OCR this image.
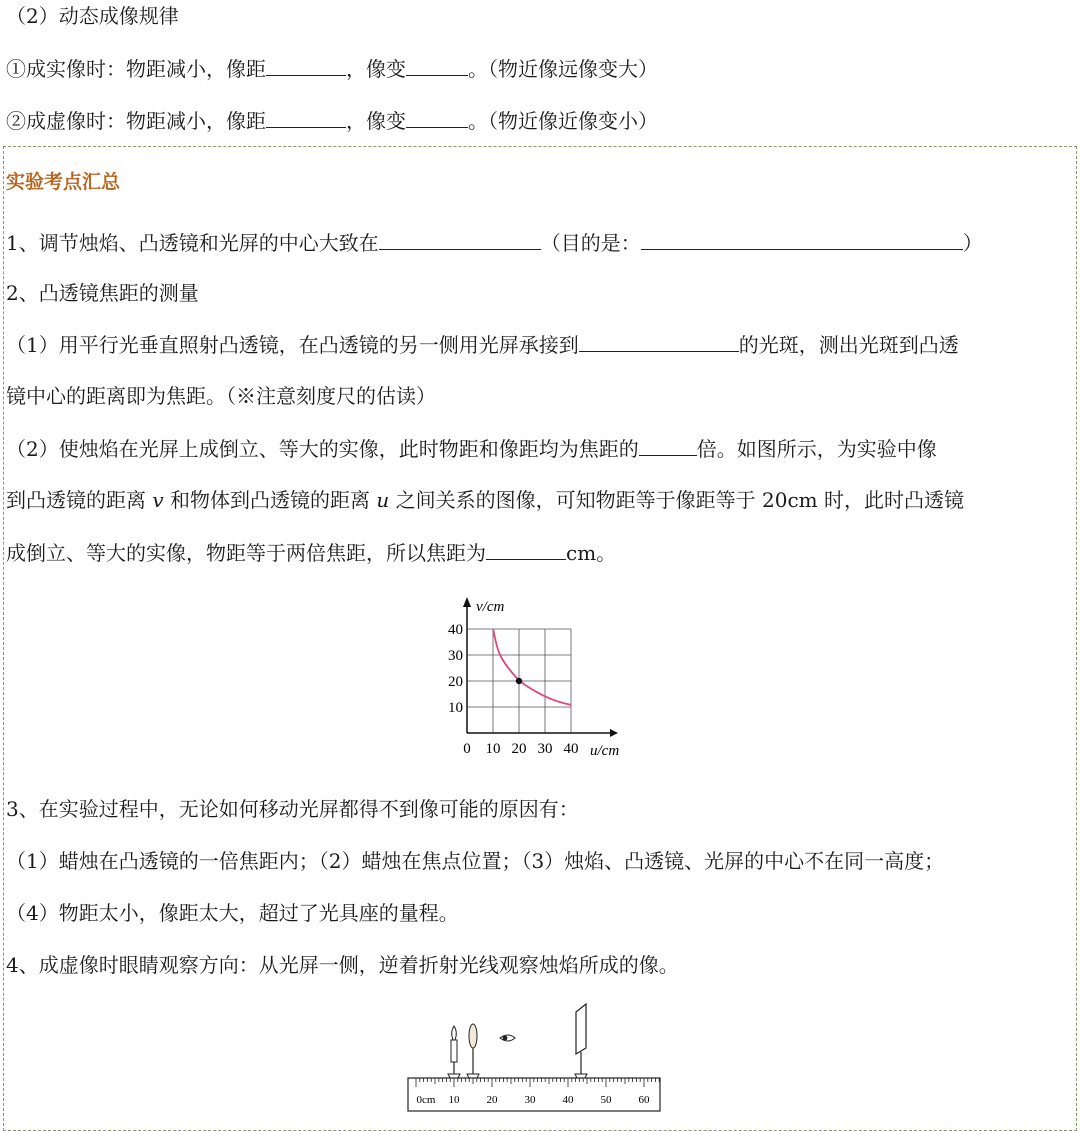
（2）动态成像规律
①成实像时：物距减小，像距	，像变	。（物近像远像变大）
②成虚像时：物距减小，像距	，像变	。（物近像近像变小）
实验考点汇总
1、调节烛焰、凸透镜和光屏的中心大致在	（目的是：	）
2、凸透镜焦距的测量
（1）用平行光垂直照射凸透镜，在凸透镜的另一侧用光屏承接到	的光斑，测出光斑到凸透
镜中心的距离即为焦距。（※注意刻度尺的估读）
（2）使烛焰在光屏上成倒立、等大的实像，此时物距和像距均为焦距的	倍。如图所示，为实验中像
到凸透镜的距离 v 和物体到凸透镜的距离 u 之间关系的图像，可知物距等于像距等于 20cm 时，此时凸透镜
成倒立、等大的实像，物距等于两倍焦距，所以焦距为	cm。
v/cm
u/cm
0 10 20 30 40
10
20
30
40
3、在实验过程中，无论如何移动光屏都得不到像可能的原因有：
（1）蜡烛在凸透镜的一倍焦距内；（2）蜡烛在焦点位置；（3）烛焰、凸透镜、光屏的中心不在同一高度；
（4）物距太小，像距太大，超过了光具座的量程。
4、成虚像时眼睛观察方向：从光屏一侧，逆着折射光线观察烛焰所成的像。
0cm 10 20 30 40 50 60
